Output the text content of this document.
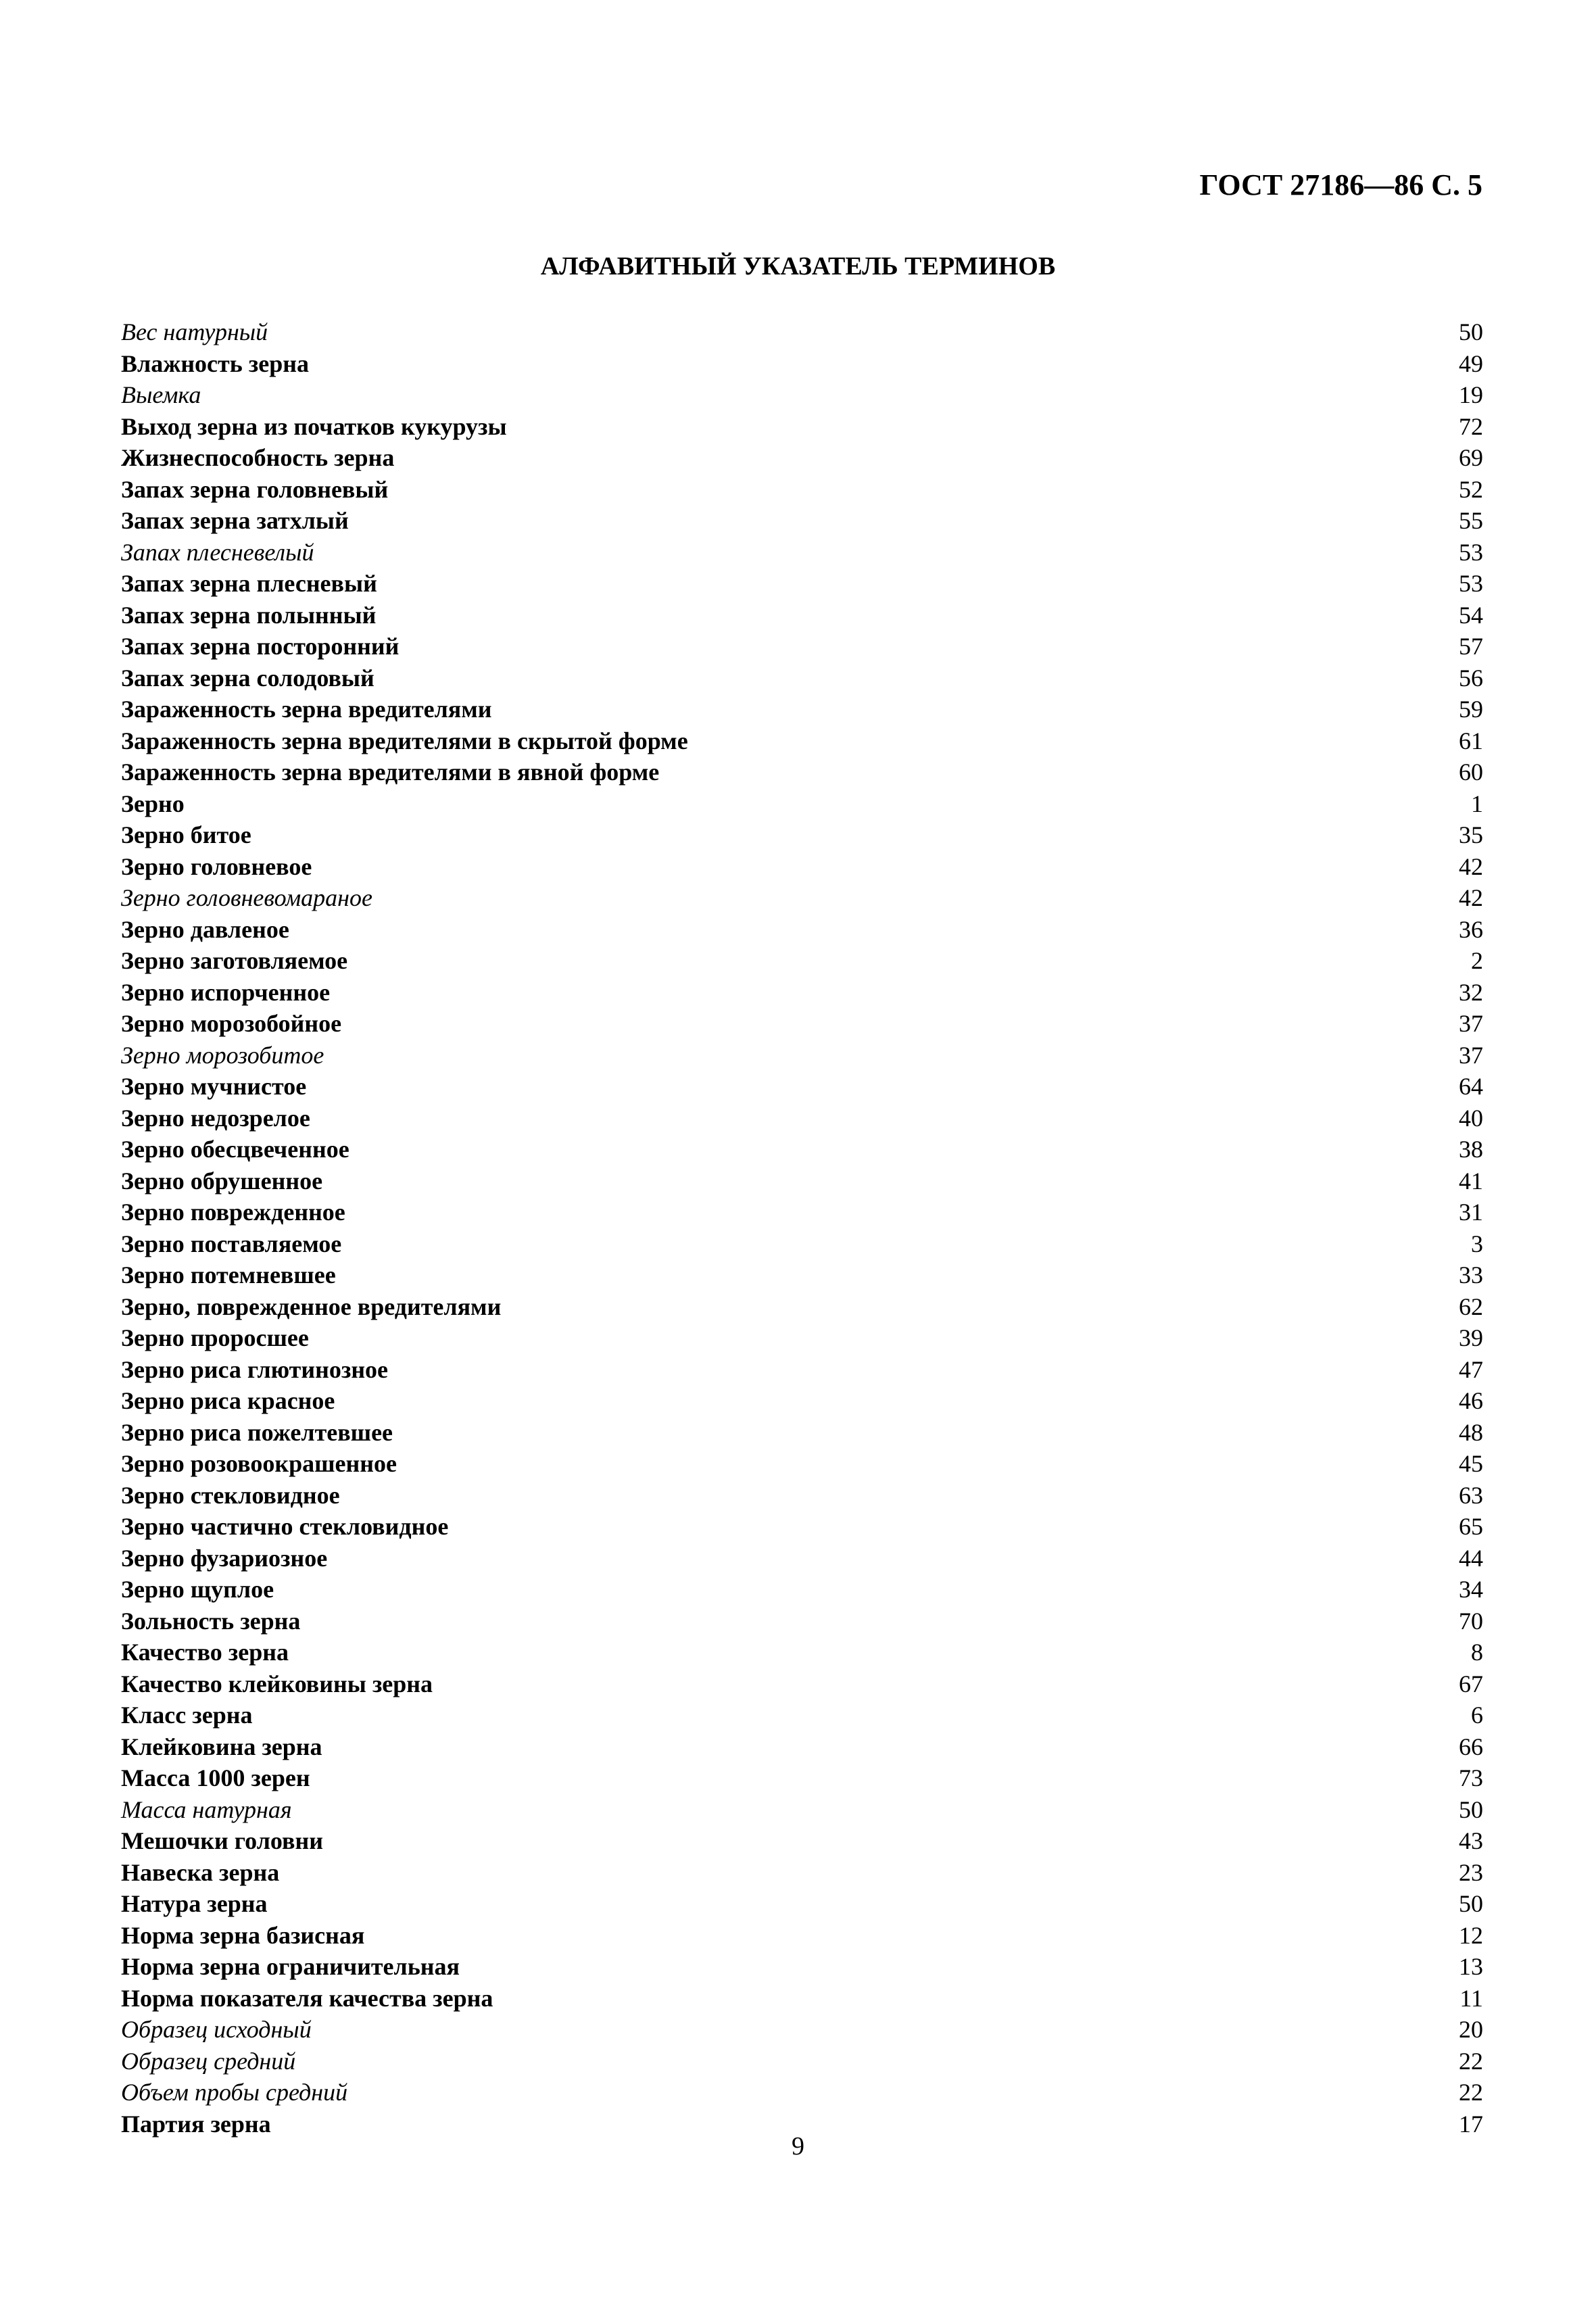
ГОСТ 27186—86 С. 5
АЛФАВИТНЫЙ УКАЗАТЕЛЬ ТЕРМИНОВ
Вес натурный	50
Влажность зерна	49
Выемка	19
Выход зерна из початков кукурузы	72
Жизнеспособность зерна	69
Запах зерна головневый	52
Запах зерна затхлый	55
Запах плесневелый	53
Запах зерна плесневый	53
Запах зерна полынный	54
Запах зерна посторонний	57
Запах зерна солодовый	56
Зараженность зерна вредителями	59
Зараженность зерна вредителями в скрытой форме	61
Зараженность зерна вредителями в явной форме	60
Зерно	1
Зерно битое	35
Зерно головневое	42
Зерно головневомараное	42
Зерно давленое	36
Зерно заготовляемое	2
Зерно испорченное	32
Зерно морозобойное	37
Зерно морозобитое	37
Зерно мучнистое	64
Зерно недозрелое	40
Зерно обесцвеченное	38
Зерно обрушенное	41
Зерно поврежденное	31
Зерно поставляемое	3
Зерно потемневшее	33
Зерно, поврежденное вредителями	62
Зерно проросшее	39
Зерно риса глютинозное	47
Зерно риса красное	46
Зерно риса пожелтевшее	48
Зерно розовоокрашенное	45
Зерно стекловидное	63
Зерно частично стекловидное	65
Зерно фузариозное	44
Зерно щуплое	34
Зольность зерна	70
Качество зерна	8
Качество клейковины зерна	67
Класс зерна	6
Клейковина зерна	66
Масса 1000 зерен	73
Масса натурная	50
Мешочки головни	43
Навеска зерна	23
Натура зерна	50
Норма зерна базисная	12
Норма зерна ограничительная	13
Норма показателя качества зерна	11
Образец исходный	20
Образец средний	22
Объем пробы средний	22
Партия зерна	17
9
